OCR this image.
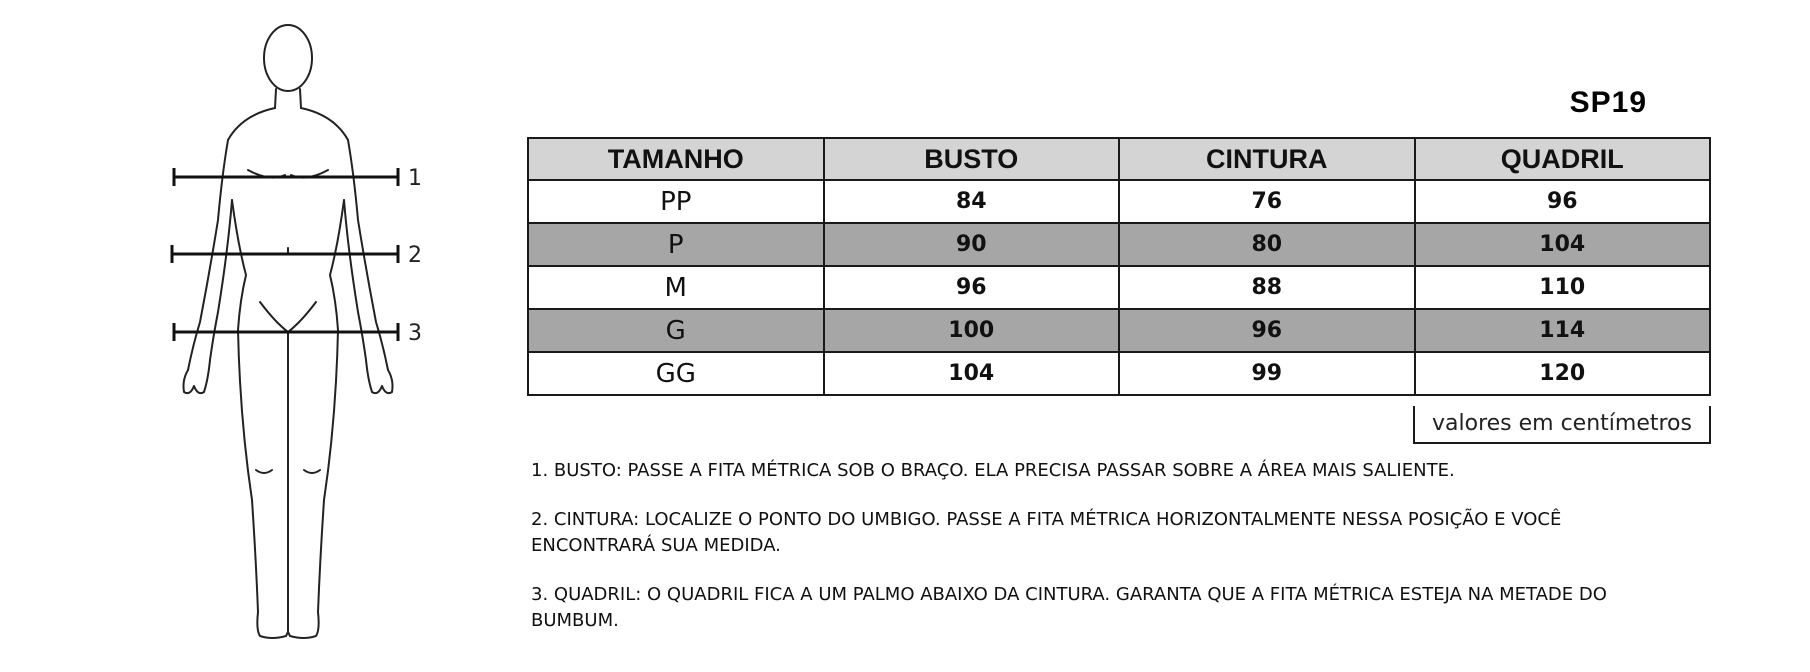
1
2
3
SP19
TAMANHO	BUSTO	CINTURA	QUADRIL
PP	84	76	96
P	90	80	104
M	96	88	110
G	100	96	114
GG	104	99	120
valores em centímetros

1. BUSTO: PASSE A FITA MÉTRICA SOB O BRAÇO. ELA PRECISA PASSAR SOBRE A ÁREA MAIS SALIENTE.

2. CINTURA: LOCALIZE O PONTO DO UMBIGO. PASSE A FITA MÉTRICA HORIZONTALMENTE NESSA POSIÇÃO E VOCÊ ENCONTRARÁ SUA MEDIDA.

3. QUADRIL: O QUADRIL FICA A UM PALMO ABAIXO DA CINTURA. GARANTA QUE A FITA MÉTRICA ESTEJA NA METADE DO BUMBUM.
